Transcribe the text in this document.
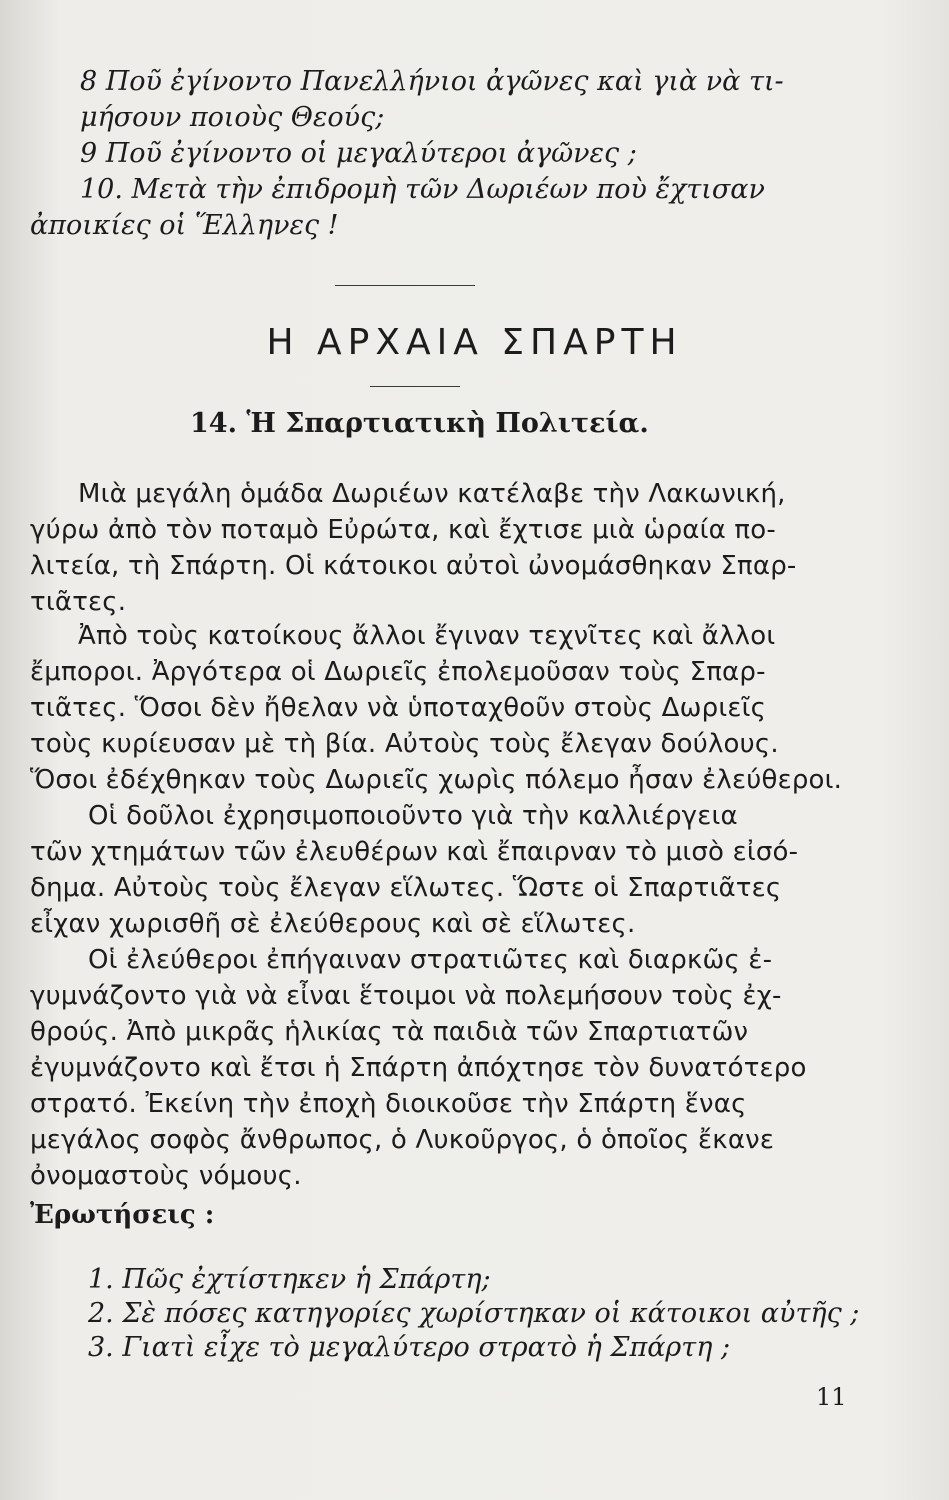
8 Ποῦ ἐγίνοντο Πανελλήνιοι ἀγῶνες καὶ γιὰ νὰ τι-
μήσουν ποιοὺς Θεούς;
9 Ποῦ ἐγίνοντο οἱ μεγαλύτεροι ἀγῶνες ;
10. Μετὰ τὴν ἐπιδρομὴ τῶν Δωριέων ποὺ ἔχτισαν
ἀποικίες οἱ Ἕλληνες !
Η ΑΡΧΑΙΑ ΣΠΑΡΤΗ
14. Ἡ Σπαρτιατικὴ Πολιτεία.
Μιὰ μεγάλη ὁμάδα Δωριέων κατέλαβε τὴν Λακωνική,
γύρω ἀπὸ τὸν ποταμὸ Εὐρώτα, καὶ ἔχτισε μιὰ ὡραία πο-
λιτεία, τὴ Σπάρτη. Οἱ κάτοικοι αὐτοὶ ὠνομάσθηκαν Σπαρ-
τιᾶτες.
Ἀπὸ τοὺς κατοίκους ἄλλοι ἔγιναν τεχνῖτες καὶ ἄλλοι
ἔμποροι. Ἀργότερα οἱ Δωριεῖς ἐπολεμοῦσαν τοὺς Σπαρ-
τιᾶτες. Ὅσοι δὲν ἤθελαν νὰ ὑποταχθοῦν στοὺς Δωριεῖς
τοὺς κυρίευσαν μὲ τὴ βία. Αὐτοὺς τοὺς ἔλεγαν δούλους.
Ὅσοι ἐδέχθηκαν τοὺς Δωριεῖς χωρὶς πόλεμο ἦσαν ἐλεύθεροι.
Οἱ δοῦλοι ἐχρησιμοποιοῦντο γιὰ τὴν καλλιέργεια
τῶν χτημάτων τῶν ἐλευθέρων καὶ ἔπαιρναν τὸ μισὸ εἰσό-
δημα. Αὐτοὺς τοὺς ἔλεγαν εἵλωτες. Ὥστε οἱ Σπαρτιᾶτες
εἶχαν χωρισθῆ σὲ ἐλεύθερους καὶ σὲ εἵλωτες.
Οἱ ἐλεύθεροι ἐπήγαιναν στρατιῶτες καὶ διαρκῶς ἐ-
γυμνάζοντο γιὰ νὰ εἶναι ἕτοιμοι νὰ πολεμήσουν τοὺς ἐχ-
θρούς. Ἀπὸ μικρᾶς ἡλικίας τὰ παιδιὰ τῶν Σπαρτιατῶν
ἐγυμνάζοντο καὶ ἔτσι ἡ Σπάρτη ἀπόχτησε τὸν δυνατότερο
στρατό. Ἐκείνη τὴν ἐποχὴ διοικοῦσε τὴν Σπάρτη ἕνας
μεγάλος σοφὸς ἄνθρωπος, ὁ Λυκοῦργος, ὁ ὁποῖος ἔκανε
ὀνομαστοὺς νόμους.
Ἐρωτήσεις :
1. Πῶς ἐχτίστηκεν ἡ Σπάρτη;
2. Σὲ πόσες κατηγορίες χωρίστηκαν οἱ κάτοικοι αὐτῆς ;
3. Γιατὶ εἶχε τὸ μεγαλύτερο στρατὸ ἡ Σπάρτη ;
11
